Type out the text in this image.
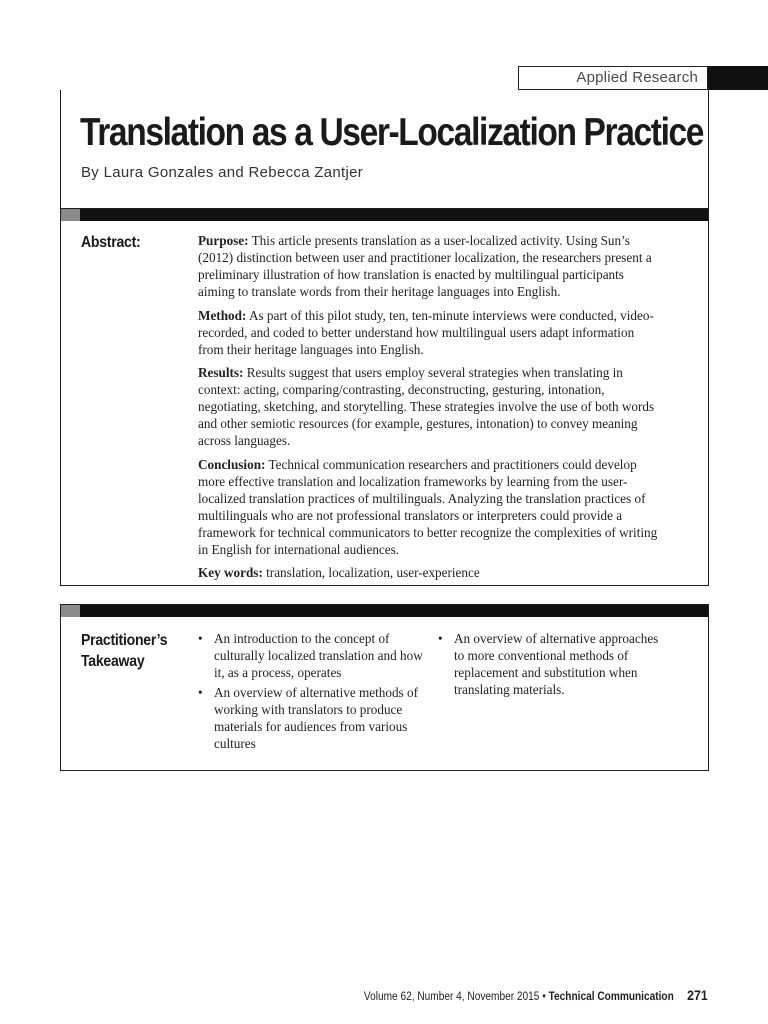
Applied Research
Translation as a User-Localization Practice
By Laura Gonzales and Rebecca Zantjer
Abstract:	Purpose: This article presents translation as a user-localized activity. Using Sun’s (2012) distinction between user and practitioner localization, the researchers present a preliminary illustration of how translation is enacted by multilingual participants aiming to translate words from their heritage languages into English.

Method: As part of this pilot study, ten, ten-minute interviews were conducted, video-recorded, and coded to better understand how multilingual users adapt information from their heritage languages into English.

Results: Results suggest that users employ several strategies when translating in context: acting, comparing/contrasting, deconstructing, gesturing, intonation, negotiating, sketching, and storytelling. These strategies involve the use of both words and other semiotic resources (for example, gestures, intonation) to convey meaning across languages.

Conclusion: Technical communication researchers and practitioners could develop more effective translation and localization frameworks by learning from the user-localized translation practices of multilinguals. Analyzing the translation practices of multilinguals who are not professional translators or interpreters could provide a framework for technical communicators to better recognize the complexities of writing in English for international audiences.

Key words: translation, localization, user-experience

Practitioner’s
Takeaway
• An introduction to the concept of culturally localized translation and how it, as a process, operates
• An overview of alternative methods of working with translators to produce materials for audiences from various cultures
• An overview of alternative approaches to more conventional methods of replacement and substitution when translating materials.
Volume 62, Number 4, November 2015 • Technical Communication 271
